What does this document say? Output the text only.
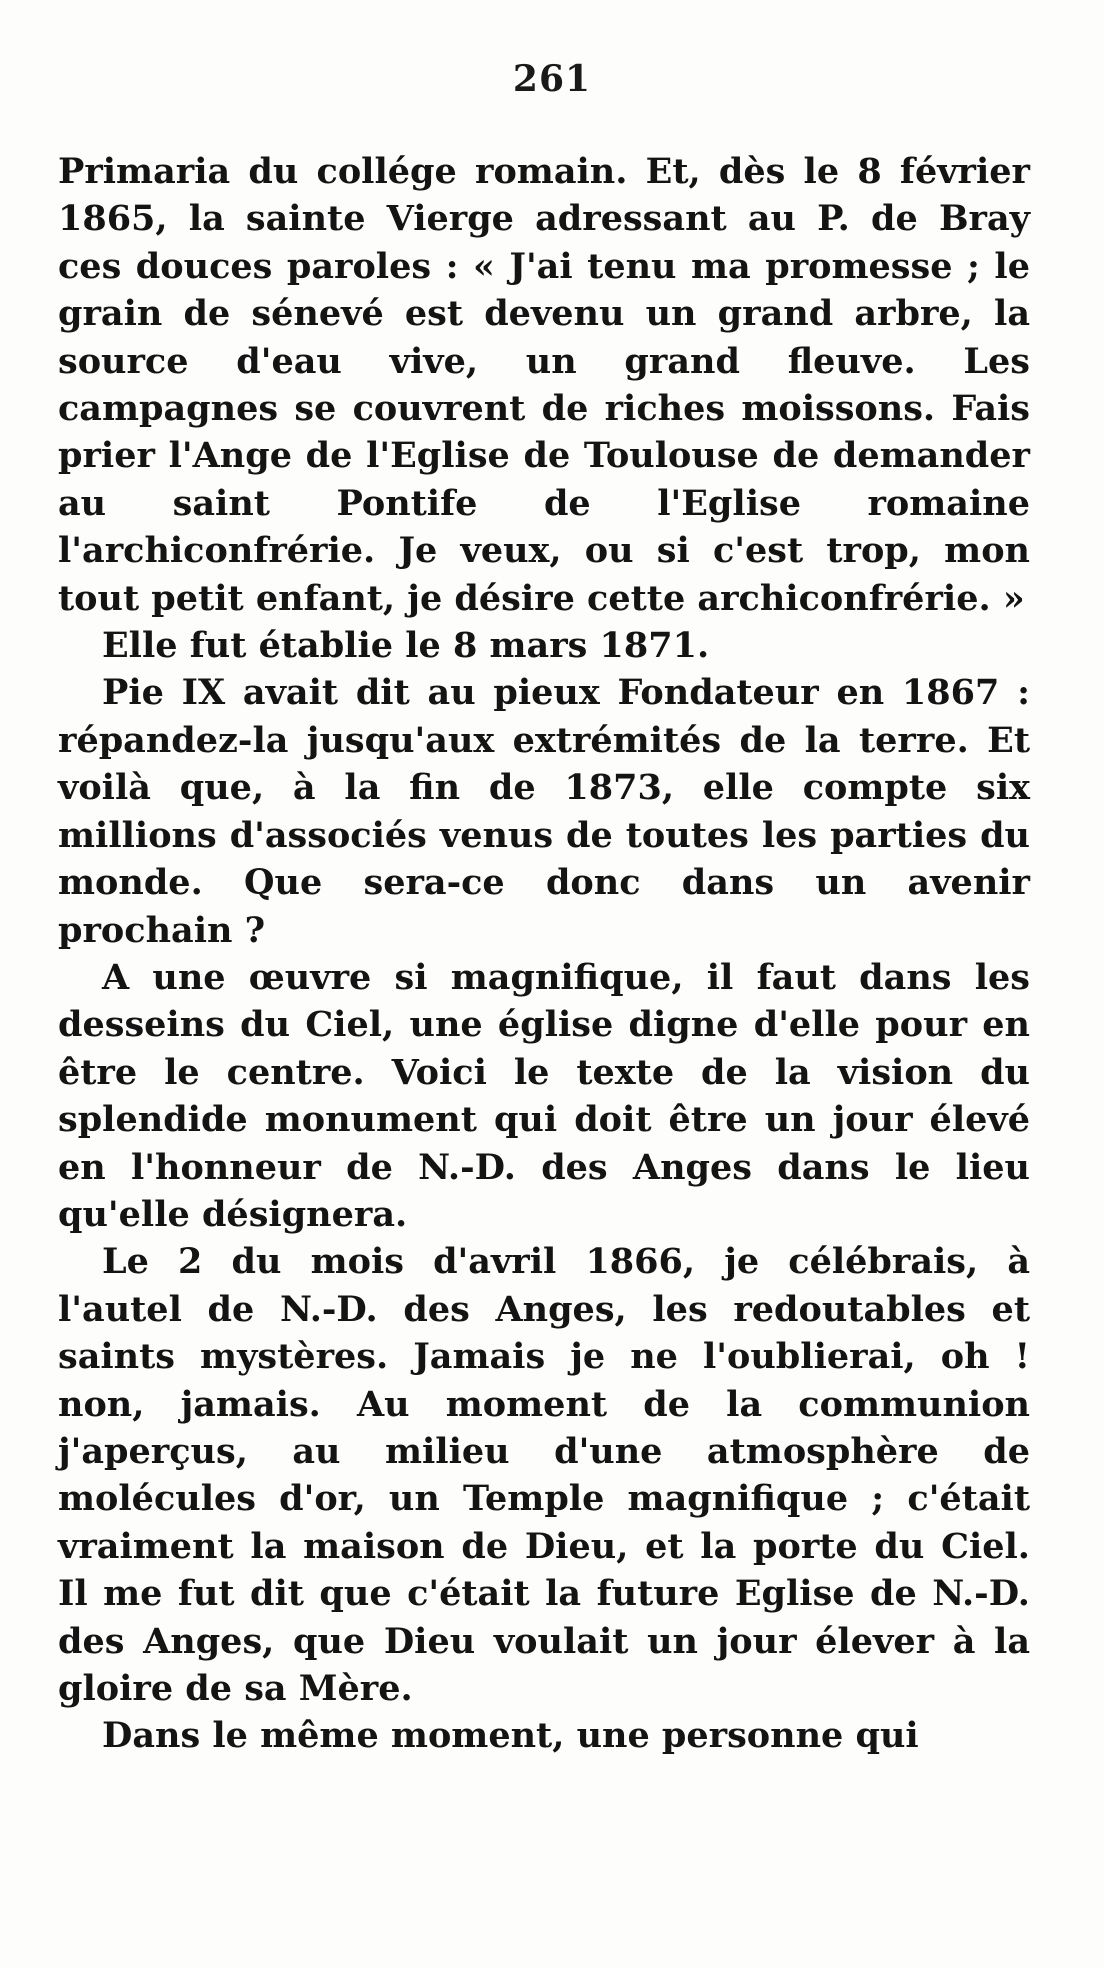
261

Primaria du collége romain. Et, dès le 8 février 1865, la sainte Vierge adressant au P. de Bray ces douces paroles : « J'ai tenu ma promesse ; le grain de sénevé est devenu un grand arbre, la source d'eau vive, un grand fleuve. Les campagnes se couvrent de riches moissons. Fais prier l'Ange de l'Eglise de Toulouse de demander au saint Pontife de l'Eglise romaine l'archiconfrérie. Je veux, ou si c'est trop, mon tout petit enfant, je désire cette archiconfrérie. »

Elle fut établie le 8 mars 1871.

Pie IX avait dit au pieux Fondateur en 1867 : répandez-la jusqu'aux extrémités de la terre. Et voilà que, à la fin de 1873, elle compte six millions d'associés venus de toutes les parties du monde. Que sera-ce donc dans un avenir prochain ?

A une œuvre si magnifique, il faut dans les desseins du Ciel, une église digne d'elle pour en être le centre. Voici le texte de la vision du splendide monument qui doit être un jour élevé en l'honneur de N.-D. des Anges dans le lieu qu'elle désignera.

Le 2 du mois d'avril 1866, je célébrais, à l'autel de N.-D. des Anges, les redoutables et saints mystères. Jamais je ne l'oublierai, oh ! non, jamais. Au moment de la communion j'aperçus, au milieu d'une atmosphère de molécules d'or, un Temple magnifique ; c'était vraiment la maison de Dieu, et la porte du Ciel. Il me fut dit que c'était la future Eglise de N.-D. des Anges, que Dieu voulait un jour élever à la gloire de sa Mère.

Dans le même moment, une personne qui
